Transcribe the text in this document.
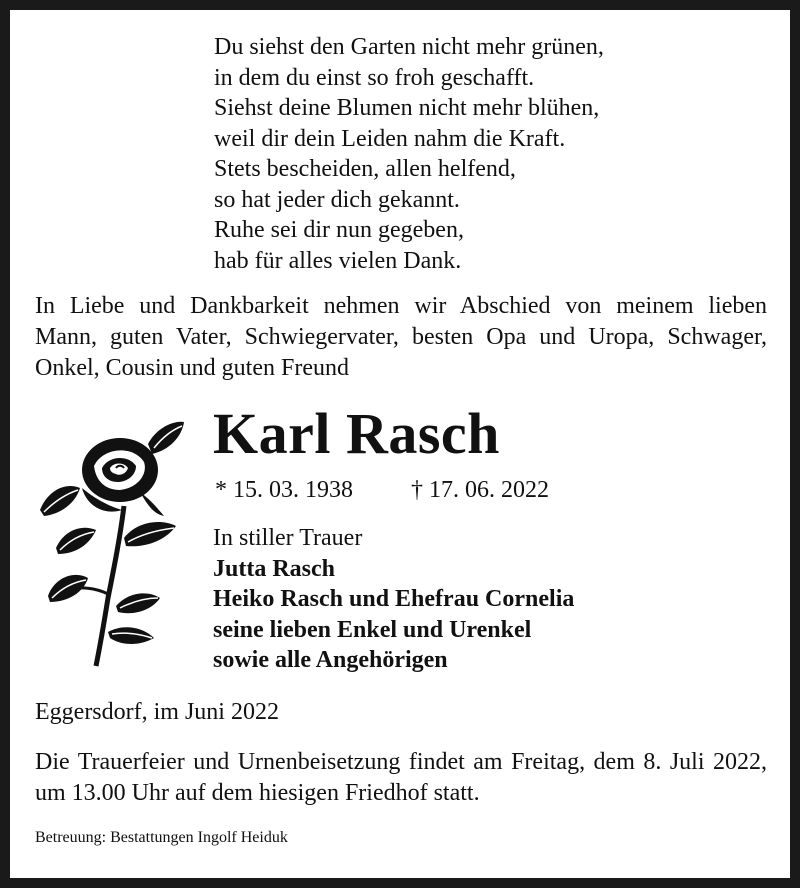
Du siehst den Garten nicht mehr grünen,
in dem du einst so froh geschafft.
Siehst deine Blumen nicht mehr blühen,
weil dir dein Leiden nahm die Kraft.
Stets bescheiden, allen helfend,
so hat jeder dich gekannt.
Ruhe sei dir nun gegeben,
hab für alles vielen Dank.
In Liebe und Dankbarkeit nehmen wir Abschied von meinem lieben
Mann, guten Vater, Schwiegervater, besten Opa und Uropa, Schwager,
Onkel, Cousin und guten Freund
Karl Rasch
* 15. 03. 1938 † 17. 06. 2022
In stiller Trauer
Jutta Rasch
Heiko Rasch und Ehefrau Cornelia
seine lieben Enkel und Urenkel
sowie alle Angehörigen
Eggersdorf, im Juni 2022
Die Trauerfeier und Urnenbeisetzung findet am Freitag, dem 8. Juli 2022,
um 13.00 Uhr auf dem hiesigen Friedhof statt.
Betreuung: Bestattungen Ingolf Heiduk
